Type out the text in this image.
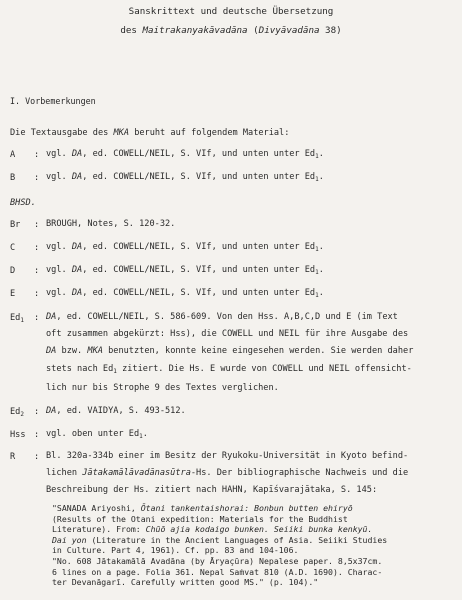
Sanskrittext und deutsche Übersetzung
des Maitrakanyakāvadāna (Divyāvadāna 38)
I. Vorbemerkungen
Die Textausgabe des MKA beruht auf folgendem Material:
A : vgl. DA, ed. COWELL/NEIL, S. VIf, und unten unter $Ed_1$.
B : vgl. DA, ed. COWELL/NEIL, S. VIf, und unten unter $Ed_1$.
BHSD.
Br : BROUGH, Notes, S. 120-32.
C : vgl. DA, ed. COWELL/NEIL, S. VIf, und unten unter $Ed_1$.
D : vgl. DA, ed. COWELL/NEIL, S. VIf, und unten unter $Ed_1$.
E : vgl. DA, ed. COWELL/NEIL, S. VIf, und unten unter $Ed_1$.
$Ed_1$ : DA, ed. COWELL/NEIL, S. 586-609. Von den Hss. A,B,C,D und E (im Text

oft zusammen abgekürzt: Hss), die COWELL und NEIL für ihre Ausgabe des

DA bzw. MKA benutzten, konnte keine eingesehen werden. Sie werden daher

stets nach $Ed_1$ zitiert. Die Hs. E wurde von COWELL und NEIL offensicht-

lich nur bis Strophe 9 des Textes verglichen.

$Ed_2$ : DA, ed. VAIDYA, S. 493-512.
Hss : vgl. oben unter $Ed_1$.
R : Bl. 320a-334b einer im Besitz der Ryukoku-Universität in Kyoto befind-

lichen Jātakamālāvadānasūtra-Hs. Der bibliographische Nachweis und die

Beschreibung der Hs. zitiert nach HAHN, Kapīśvarajātaka, S. 145:

"SANADA Ariyoshi, Ōtani tankentaishorai: Bonbun butten ehiryō

(Results of the Otani expedition: Materials for the Buddhist

Literature). From: Chūō ajia kodaigo bunken. Seiiki bunka kenkyū.

Dai yon (Literature in the Ancient Languages of Asia. Seiiki Studies

in Culture. Part 4, 1961). Cf. pp. 83 and 104-106.

"No. 608 Jātakamālā Avadāna (by Āryaçūra) Nepalese paper. 8,5x37cm.

6 lines on a page. Folia 361. Nepal Saṁvat 810 (A.D. 1690). Charac-

ter Devanāgarī. Carefully written good MS." (p. 104)."
